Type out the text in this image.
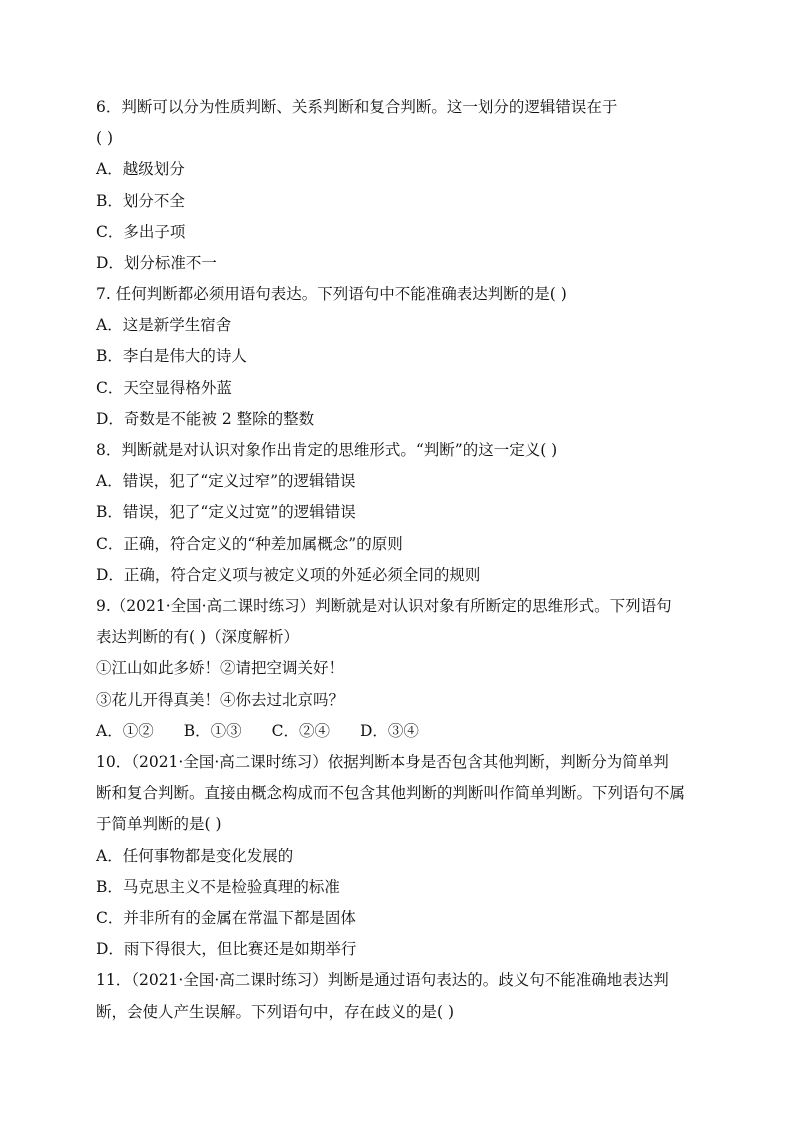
6．判断可以分为性质判断、关系判断和复合判断。这一划分的逻辑错误在于
( )
A．越级划分
B．划分不全
C．多出子项
D．划分标准不一
7. 任何判断都必须用语句表达。下列语句中不能准确表达判断的是( )
A．这是新学生宿舍
B．李白是伟大的诗人
C．天空显得格外蓝
D．奇数是不能被 2 整除的整数
8．判断就是对认识对象作出肯定的思维形式。“判断”的这一定义( )
A．错误，犯了“定义过窄”的逻辑错误
B．错误，犯了“定义过宽”的逻辑错误
C．正确，符合定义的“种差加属概念”的原则
D．正确，符合定义项与被定义项的外延必须全同的规则
9.（2021·全国·高二课时练习）判断就是对认识对象有所断定的思维形式。下列语句
表达判断的有( )（深度解析）
①江山如此多娇！②请把空调关好！
③花儿开得真美！④你去过北京吗？
A．①② B．①③ C．②④ D．③④
10．（2021·全国·高二课时练习）依据判断本身是否包含其他判断，判断分为简单判
断和复合判断。直接由概念构成而不包含其他判断的判断叫作简单判断。下列语句不属
于简单判断的是( )
A．任何事物都是变化发展的
B．马克思主义不是检验真理的标准
C．并非所有的金属在常温下都是固体
D．雨下得很大，但比赛还是如期举行
11．（2021·全国·高二课时练习）判断是通过语句表达的。歧义句不能准确地表达判
断，会使人产生误解。下列语句中，存在歧义的是( )
